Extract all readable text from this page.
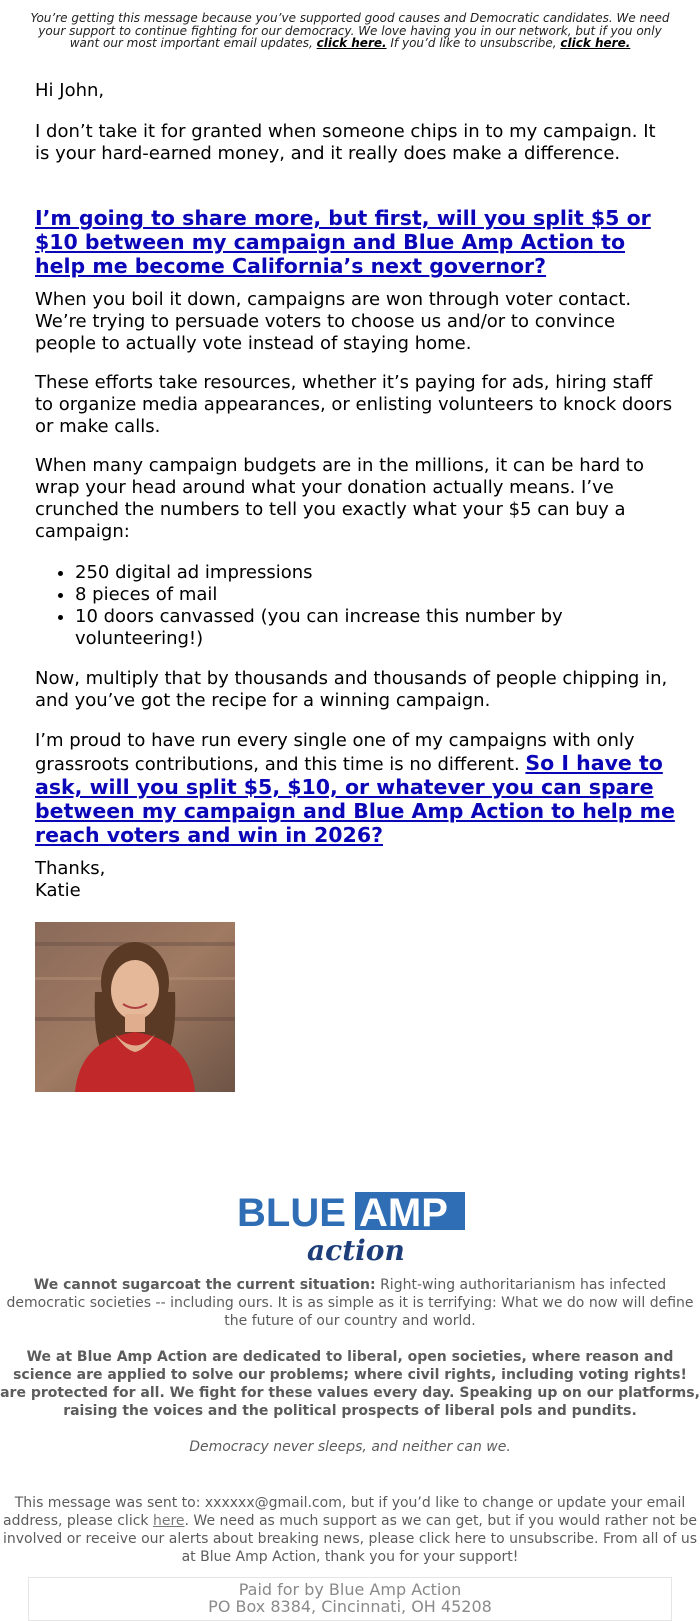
You’re getting this message because you’ve supported good causes and Democratic candidates. We need your support to continue fighting for our democracy. We love having you in our network, but if you only want our most important email updates, click here. If you’d like to unsubscribe, click here.

Hi John,

I don’t take it for granted when someone chips in to my campaign. It is your hard-earned money, and it really does make a difference.

I’m going to share more, but first, will you split $5 or $10 between my campaign and Blue Amp Action to help me become California’s next governor?

When you boil it down, campaigns are won through voter contact. We’re trying to persuade voters to choose us and/or to convince people to actually vote instead of staying home.

These efforts take resources, whether it’s paying for ads, hiring staff to organize media appearances, or enlisting volunteers to knock doors or make calls.

When many campaign budgets are in the millions, it can be hard to wrap your head around what your donation actually means. I’ve crunched the numbers to tell you exactly what your $5 can buy a campaign:

• 250 digital ad impressions
• 8 pieces of mail
• 10 doors canvassed (you can increase this number by volunteering!)

Now, multiply that by thousands and thousands of people chipping in, and you’ve got the recipe for a winning campaign.

I’m proud to have run every single one of my campaigns with only grassroots contributions, and this time is no different. So I have to ask, will you split $5, $10, or whatever you can spare between my campaign and Blue Amp Action to help me reach voters and win in 2026?

Thanks,

Katie

BLUE AMP
action

We cannot sugarcoat the current situation: Right-wing authoritarianism has infected democratic societies -- including ours. It is as simple as it is terrifying: What we do now will define the future of our country and world.

We at Blue Amp Action are dedicated to liberal, open societies, where reason and science are applied to solve our problems; where civil rights, including voting rights! are protected for all. We fight for these values every day. Speaking up on our platforms, raising the voices and the political prospects of liberal pols and pundits.

Democracy never sleeps, and neither can we.

This message was sent to: xxxxxx@gmail.com, but if you’d like to change or update your email address, please click here. We need as much support as we can get, but if you would rather not be involved or receive our alerts about breaking news, please click here to unsubscribe. From all of us at Blue Amp Action, thank you for your support!

Paid for by Blue Amp Action
PO Box 8384, Cincinnati, OH 45208
